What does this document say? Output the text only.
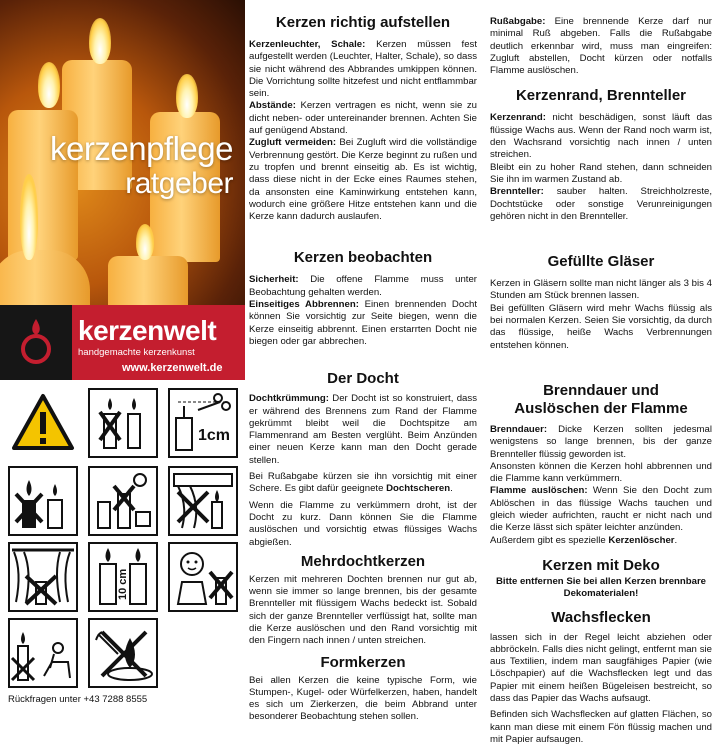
kerzenpflege
ratgeber
kerzenwelt
handgemachte kerzenkunst
www.kerzenwelt.de
1cm
10 cm
Rückfragen unter +43 7288 8555
Kerzen richtig aufstellen

Kerzenleuchter, Schale: Kerzen müssen fest aufgestellt werden (Leuchter, Halter, Schale), so dass sie nicht während des Abbrandes umkippen können. Die Vorrichtung sollte hitzefest und nicht entflammbar sein.

Abstände: Kerzen vertragen es nicht, wenn sie zu dicht neben- oder untereinander brennen. Achten Sie auf genügend Abstand.

Zugluft vermeiden: Bei Zugluft wird die vollständige Verbrennung gestört. Die Kerze beginnt zu rußen und zu tropfen und brennt einseitig ab. Es ist wichtig, dass diese nicht in der Ecke eines Raumes stehen, da ansonsten eine Kaminwirkung entstehen kann, wodurch eine größere Hitze entstehen kann und die Kerze kann dadurch auslaufen.

Kerzen beobachten

Sicherheit: Die offene Flamme muss unter Beobachtung gehalten werden.

Einseitiges Abbrennen: Einen brennenden Docht können Sie vorsichtig zur Seite biegen, wenn die Kerze einseitig abbrennt. Einen erstarrten Docht nie biegen oder gar abbrechen.

Der Docht

Dochtkrümmung: Der Docht ist so konstruiert, dass er während des Brennens zum Rand der Flamme gekrümmt bleibt weil die Dochtspitze am Flammenrand am Besten verglüht. Beim Anzünden einer neuen Kerze kann man den Docht gerade stellen.

Bei Rußabgabe kürzen sie ihn vorsichtig mit einer Schere. Es gibt dafür geeignete Dochtscheren.

Wenn die Flamme zu verkümmern droht, ist der Docht zu kurz. Dann können Sie die Flamme auslöschen und vorsichtig etwas flüssiges Wachs abgießen.

Mehrdochtkerzen

Kerzen mit mehreren Dochten brennen nur gut ab, wenn sie immer so lange brennen, bis der gesamte Brennteller mit flüssigem Wachs bedeckt ist. Sobald sich der ganze Brennteller verflüssigt hat, sollte man die Kerze auslöschen und den Rand vorsichtig mit den Fingern nach innen / unten streichen.

Formkerzen

Bei allen Kerzen die keine typische Form, wie Stumpen-, Kugel- oder Würfelkerzen, haben, handelt es sich um Zierkerzen, die beim Abbrand unter besonderer Beobachtung stehen sollen.

Rußabgabe: Eine brennende Kerze darf nur minimal Ruß abgeben. Falls die Rußabgabe deutlich erkennbar wird, muss man eingreifen: Zugluft abstellen, Docht kürzen oder notfalls Flamme auslöschen.

Kerzenrand, Brennteller

Kerzenrand: nicht beschädigen, sonst läuft das flüssige Wachs aus. Wenn der Rand noch warm ist, den Wachsrand vorsichtig nach innen / unten streichen.

Bleibt ein zu hoher Rand stehen, dann schneiden Sie ihn im warmen Zustand ab.

Brennteller: sauber halten. Streichholzreste, Dochtstücke oder sonstige Verunreinigungen gehören nicht in den Brennteller.

Gefüllte Gläser

Kerzen in Gläsern sollte man nicht länger als 3 bis 4 Stunden am Stück brennen lassen.

Bei gefüllten Gläsern wird mehr Wachs flüssig als bei normalen Kerzen. Seien Sie vorsichtig, da durch das flüssige, heiße Wachs Verbrennungen entstehen können.

Brenndauer und
Auslöschen der Flamme

Brenndauer: Dicke Kerzen sollten jedesmal wenigstens so lange brennen, bis der ganze Brennteller flüssig geworden ist.

Ansonsten können die Kerzen hohl abbrennen und die Flamme kann verkümmern.

Flamme auslöschen: Wenn Sie den Docht zum Ablöschen in das flüssige Wachs tauchen und gleich wieder aufrichten, raucht er nicht nach und die Kerze lässt sich später leichter anzünden.

Außerdem gibt es spezielle Kerzenlöscher.

Kerzen mit Deko

Bitte entfernen Sie bei allen Kerzen brennbare Dekomaterialen!

Wachsflecken

lassen sich in der Regel leicht abziehen oder abbröckeln. Falls dies nicht gelingt, entfernt man sie aus Textilien, indem man saugfähiges Papier (wie Löschpapier) auf die Wachsflecken legt und das Papier mit einem heißen Bügeleisen bestreicht, so dass das Papier das Wachs aufsaugt.

Befinden sich Wachsflecken auf glatten Flächen, so kann man diese mit einem Fön flüssig machen und mit Papier aufsaugen.
